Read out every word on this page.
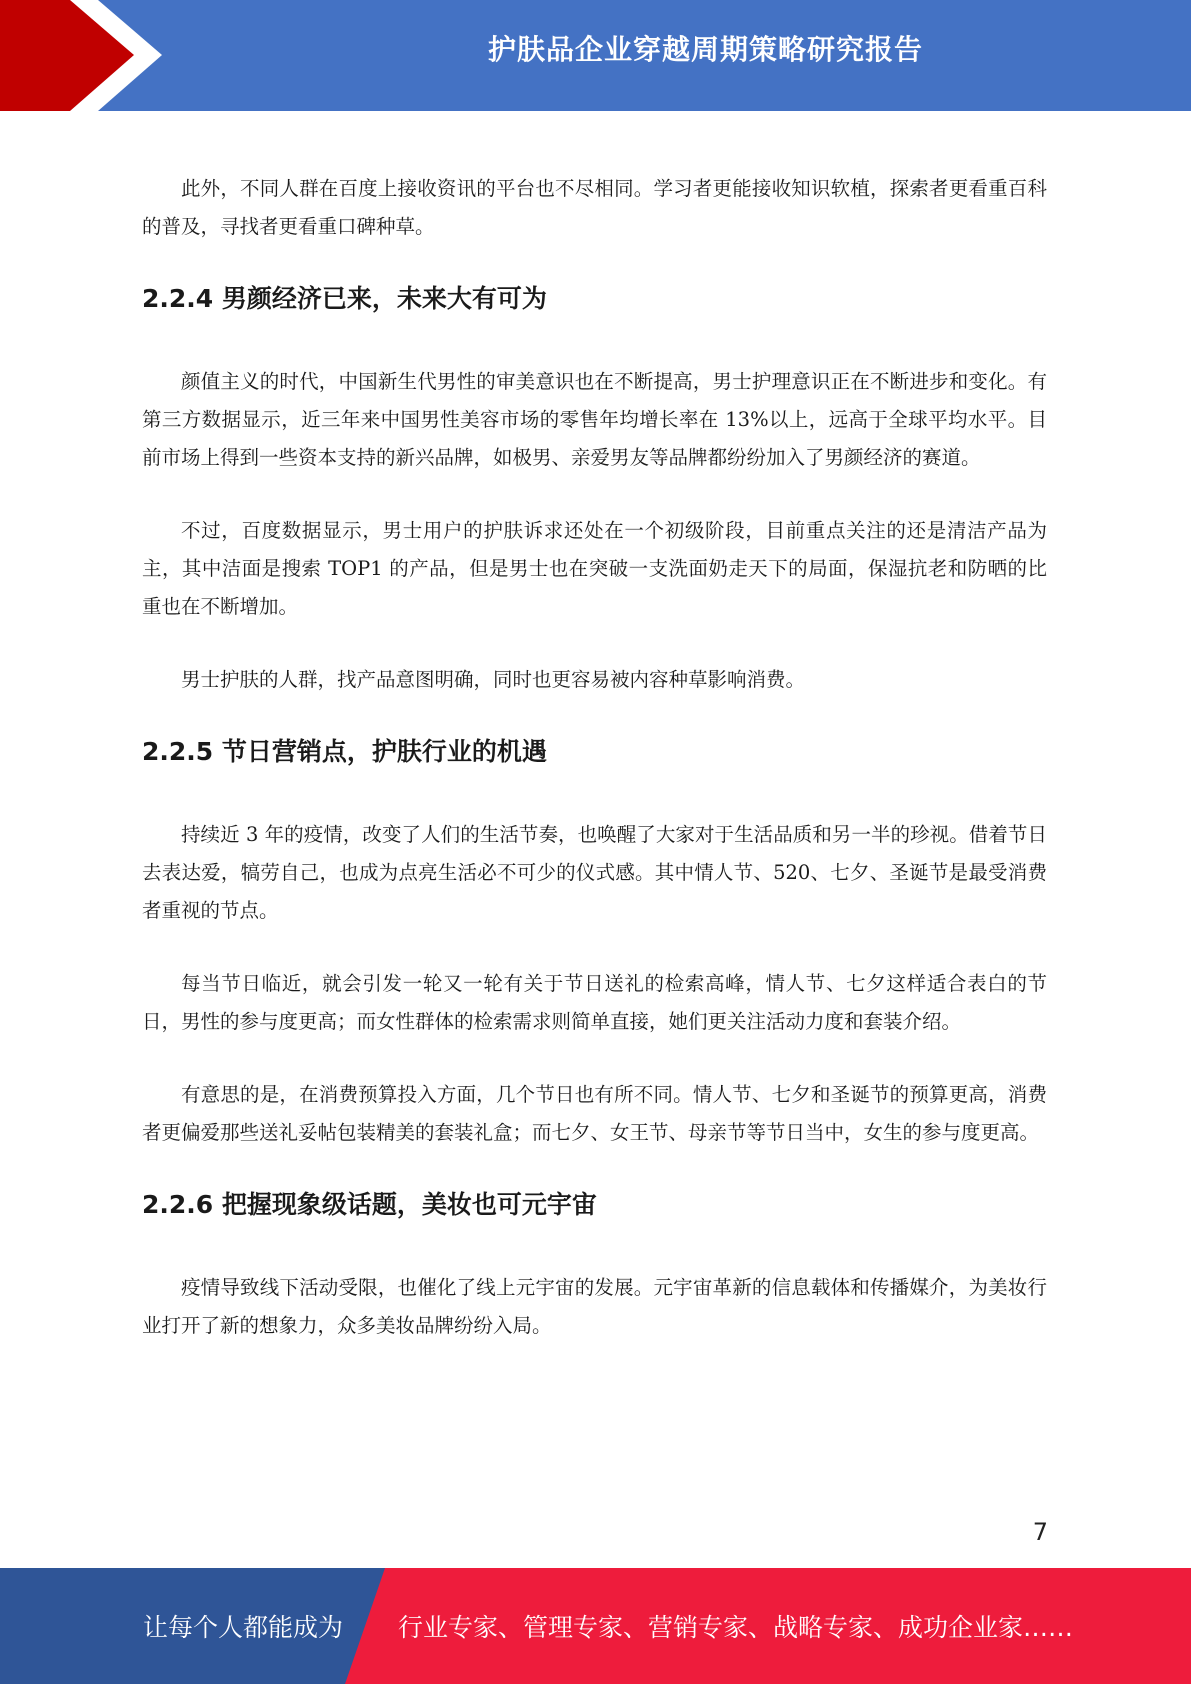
护肤品企业穿越周期策略研究报告

此外，不同人群在百度上接收资讯的平台也不尽相同。学习者更能接收知识软植，探索者更看重百科的普及，寻找者更看重口碑种草。

2.2.4 男颜经济已来，未来大有可为

颜值主义的时代，中国新生代男性的审美意识也在不断提高，男士护理意识正在不断进步和变化。有第三方数据显示，近三年来中国男性美容市场的零售年均增长率在 13%以上，远高于全球平均水平。目前市场上得到一些资本支持的新兴品牌，如极男、亲爱男友等品牌都纷纷加入了男颜经济的赛道。

不过，百度数据显示，男士用户的护肤诉求还处在一个初级阶段，目前重点关注的还是清洁产品为主，其中洁面是搜索 TOP1 的产品，但是男士也在突破一支洗面奶走天下的局面，保湿抗老和防晒的比重也在不断增加。

男士护肤的人群，找产品意图明确，同时也更容易被内容种草影响消费。

2.2.5 节日营销点，护肤行业的机遇

持续近 3 年的疫情，改变了人们的生活节奏，也唤醒了大家对于生活品质和另一半的珍视。借着节日去表达爱，犒劳自己，也成为点亮生活必不可少的仪式感。其中情人节、520、七夕、圣诞节是最受消费者重视的节点。

每当节日临近，就会引发一轮又一轮有关于节日送礼的检索高峰，情人节、七夕这样适合表白的节日，男性的参与度更高；而女性群体的检索需求则简单直接，她们更关注活动力度和套装介绍。

有意思的是，在消费预算投入方面，几个节日也有所不同。情人节、七夕和圣诞节的预算更高，消费者更偏爱那些送礼妥帖包装精美的套装礼盒；而七夕、女王节、母亲节等节日当中，女生的参与度更高。

2.2.6 把握现象级话题，美妆也可元宇宙

疫情导致线下活动受限，也催化了线上元宇宙的发展。元宇宙革新的信息载体和传播媒介，为美妆行业打开了新的想象力，众多美妆品牌纷纷入局。

7
让每个人都能成为 行业专家、管理专家、营销专家、战略专家、成功企业家……
